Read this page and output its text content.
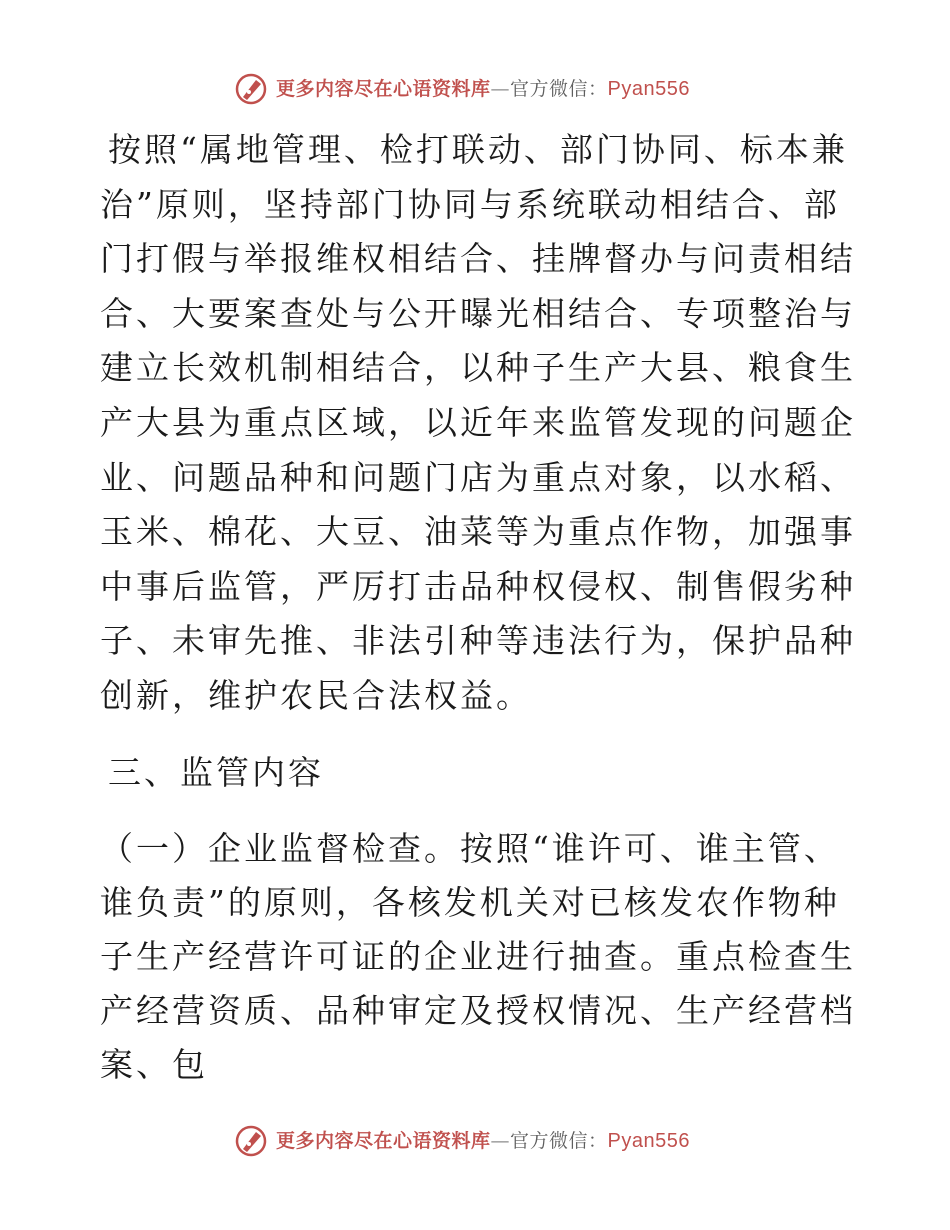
更多内容尽在心语资料库—官方微信：Pyan556

按照“属地管理、检打联动、部门协同、标本兼治”原则，坚持部门协同与系统联动相结合、部门打假与举报维权相结合、挂牌督办与问责相结合、大要案查处与公开曝光相结合、专项整治与建立长效机制相结合，以种子生产大县、粮食生产大县为重点区域，以近年来监管发现的问题企业、问题品种和问题门店为重点对象，以水稻、玉米、棉花、大豆、油菜等为重点作物，加强事中事后监管，严厉打击品种权侵权、制售假劣种子、未审先推、非法引种等违法行为，保护品种创新，维护农民合法权益。

三、监管内容

（一）企业监督检查。按照“谁许可、谁主管、谁负责”的原则，各核发机关对已核发农作物种子生产经营许可证的企业进行抽查。重点检查生产经营资质、品种审定及授权情况、生产经营档案、包

更多内容尽在心语资料库—官方微信：Pyan556
